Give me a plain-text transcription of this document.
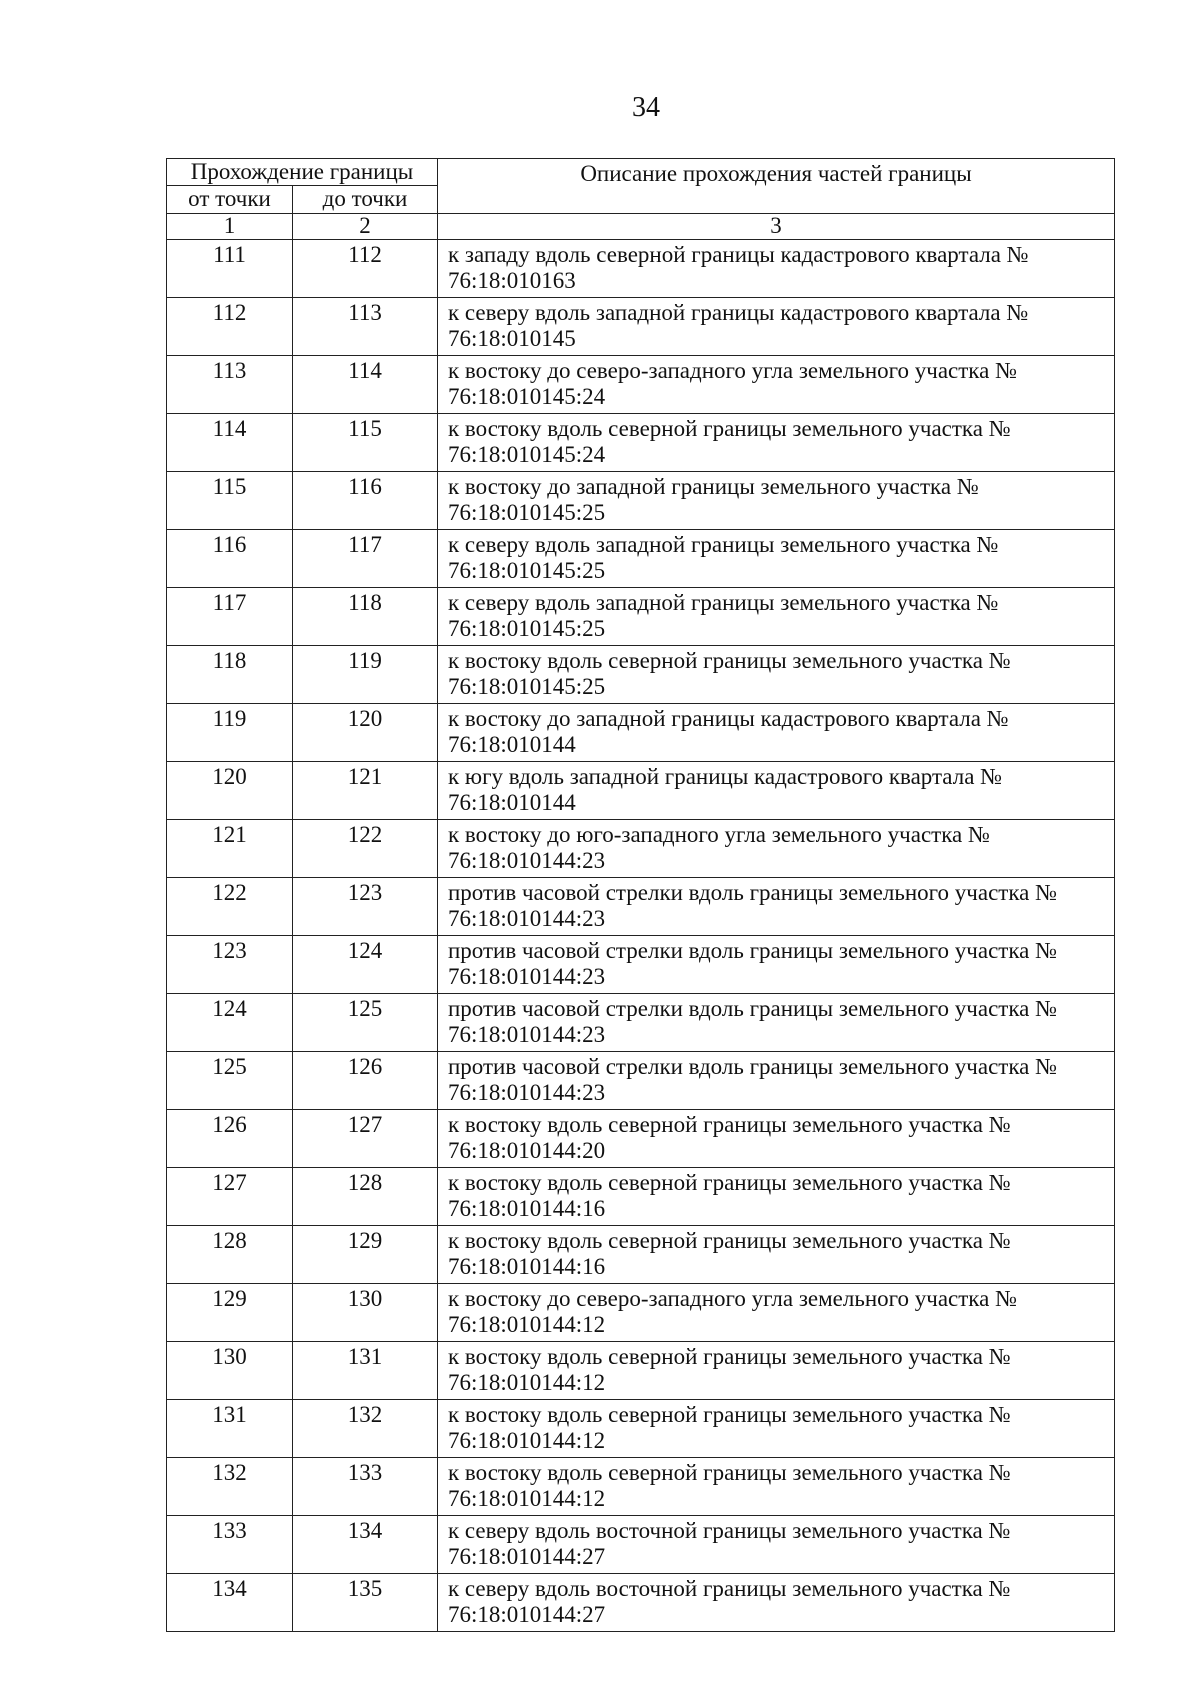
34
Прохождение границы		Описание прохождения частей границы
от точки	до точки	
1	2	3
111	112	к западу вдоль северной границы кадастрового квартала № 76:18:010163
112	113	к северу вдоль западной границы кадастрового квартала № 76:18:010145
113	114	к востоку до северо-западного угла земельного участка № 76:18:010145:24
114	115	к востоку вдоль северной границы земельного участка № 76:18:010145:24
115	116	к востоку до западной границы земельного участка № 76:18:010145:25
116	117	к северу вдоль западной границы земельного участка № 76:18:010145:25
117	118	к северу вдоль западной границы земельного участка № 76:18:010145:25
118	119	к востоку вдоль северной границы земельного участка № 76:18:010145:25
119	120	к востоку до западной границы кадастрового квартала № 76:18:010144
120	121	к югу вдоль западной границы кадастрового квартала № 76:18:010144
121	122	к востоку до юго-западного угла земельного участка № 76:18:010144:23
122	123	против часовой стрелки вдоль границы земельного участка № 76:18:010144:23
123	124	против часовой стрелки вдоль границы земельного участка № 76:18:010144:23
124	125	против часовой стрелки вдоль границы земельного участка № 76:18:010144:23
125	126	против часовой стрелки вдоль границы земельного участка № 76:18:010144:23
126	127	к востоку вдоль северной границы земельного участка № 76:18:010144:20
127	128	к востоку вдоль северной границы земельного участка № 76:18:010144:16
128	129	к востоку вдоль северной границы земельного участка № 76:18:010144:16
129	130	к востоку до северо-западного угла земельного участка № 76:18:010144:12
130	131	к востоку вдоль северной границы земельного участка № 76:18:010144:12
131	132	к востоку вдоль северной границы земельного участка № 76:18:010144:12
132	133	к востоку вдоль северной границы земельного участка № 76:18:010144:12
133	134	к северу вдоль восточной границы земельного участка № 76:18:010144:27
134	135	к северу вдоль восточной границы земельного участка № 76:18:010144:27
